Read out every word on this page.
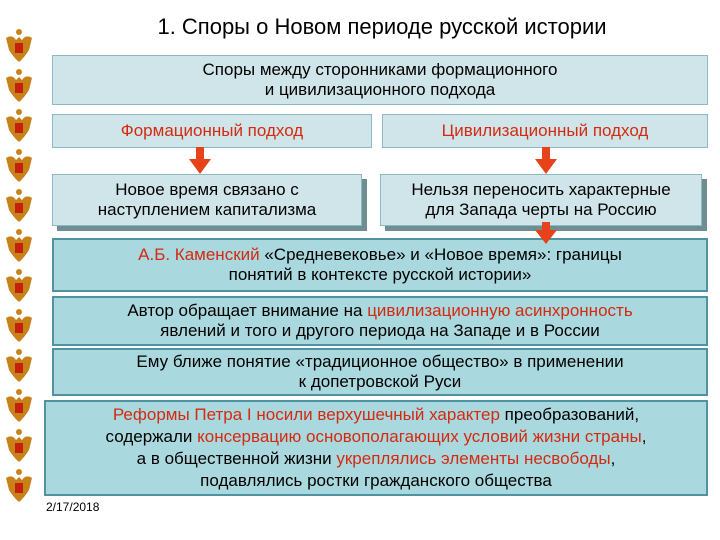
1. Споры о Новом периоде русской истории
Споры между сторонниками формационного
и цивилизационного подхода
Формационный подход	Цивилизационный подход
Новое время связано с
наступлением капитализма
Нельзя переносить характерные
для Запада черты на Россию
А.Б. Каменский «Средневековье» и «Новое время»: границы
понятий в контексте русской истории»
Автор обращает внимание на цивилизационную асинхронность
явлений и того и другого периода на Западе и в России
Ему ближе понятие «традиционное общество» в применении
к допетровской Руси
Реформы Петра I носили верхушечный характер преобразований,
содержали консервацию основополагающих условий жизни страны,
а в общественной жизни укреплялись элементы несвободы,
подавлялись ростки гражданского общества
2/17/2018
